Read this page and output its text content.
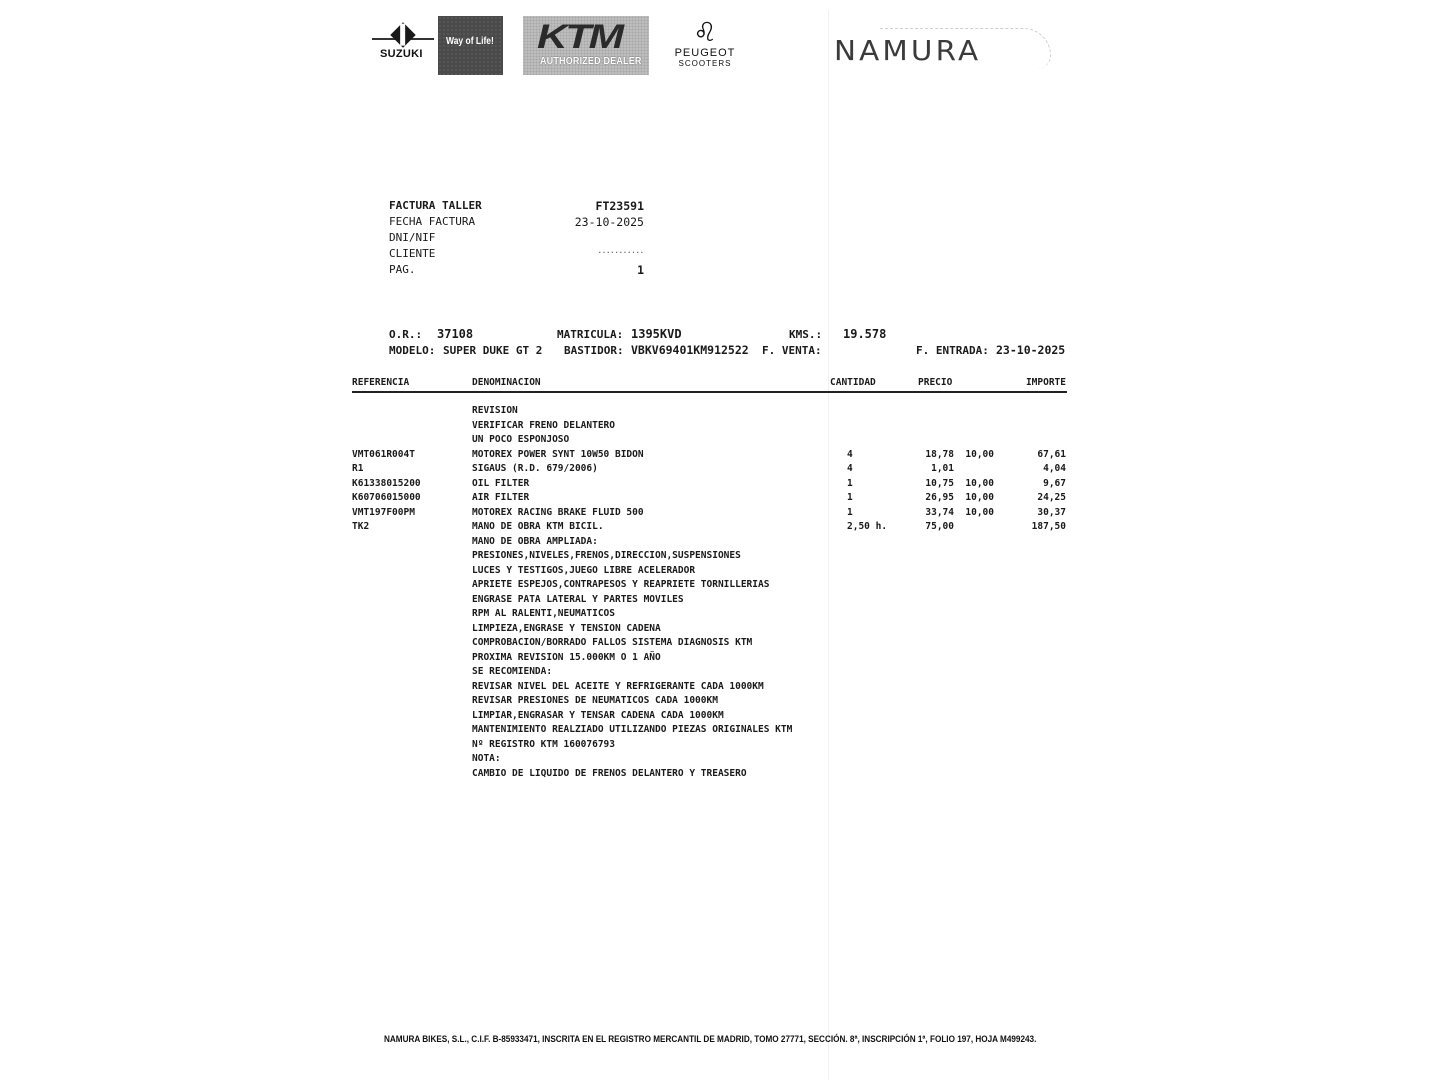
SUZUKI
Way of Life! KTM
AUTHORIZED DEALER
♌
PEUGEOT
SCOOTERS	NAMURA
FACTURA TALLER	FT23591
FECHA FACTURA	23-10-2025
DNI/NIF
CLIENTE	...........
PAG.	1
O.R.: 37108	MATRICULA: 1395KVD	KMS.: 19.578
MODELO: SUPER DUKE GT 2 BASTIDOR: VBKV69401KM912522 F. VENTA:	F. ENTRADA: 23-10-2025
REFERENCIA	DENOMINACION	CANTIDAD	PRECIO	IMPORTE
REVISION
VERIFICAR FRENO DELANTERO
UN POCO ESPONJOSO
VMT061R004T	MOTOREX POWER SYNT 10W50 BIDON	4	18,78 10,00	67,61
R1	SIGAUS (R.D. 679/2006)	4	1,01	4,04
K61338015200	OIL FILTER	1	10,75 10,00	9,67
K60706015000	AIR FILTER	1	26,95 10,00	24,25
VMT197F00PM	MOTOREX RACING BRAKE FLUID 500	1	33,74 10,00	30,37
TK2	MANO DE OBRA KTM BICIL.	2,50 h.	75,00	187,50
MANO DE OBRA AMPLIADA:
PRESIONES,NIVELES,FRENOS,DIRECCION,SUSPENSIONES
LUCES Y TESTIGOS,JUEGO LIBRE ACELERADOR
APRIETE ESPEJOS,CONTRAPESOS Y REAPRIETE TORNILLERIAS
ENGRASE PATA LATERAL Y PARTES MOVILES
RPM AL RALENTI,NEUMATICOS
LIMPIEZA,ENGRASE Y TENSION CADENA
COMPROBACION/BORRADO FALLOS SISTEMA DIAGNOSIS KTM
PROXIMA REVISION 15.000KM O 1 AÑO
SE RECOMIENDA:
REVISAR NIVEL DEL ACEITE Y REFRIGERANTE CADA 1000KM
REVISAR PRESIONES DE NEUMATICOS CADA 1000KM
LIMPIAR,ENGRASAR Y TENSAR CADENA CADA 1000KM
MANTENIMIENTO REALZIADO UTILIZANDO PIEZAS ORIGINALES KTM
Nº REGISTRO KTM 160076793
NOTA:
CAMBIO DE LIQUIDO DE FRENOS DELANTERO Y TREASERO
NAMURA BIKES, S.L., C.I.F. B-85933471, INSCRITA EN EL REGISTRO MERCANTIL DE MADRID, TOMO 27771, SECCIÓN. 8ª, INSCRIPCIÓN 1ª, FOLIO 197, HOJA M499243.
